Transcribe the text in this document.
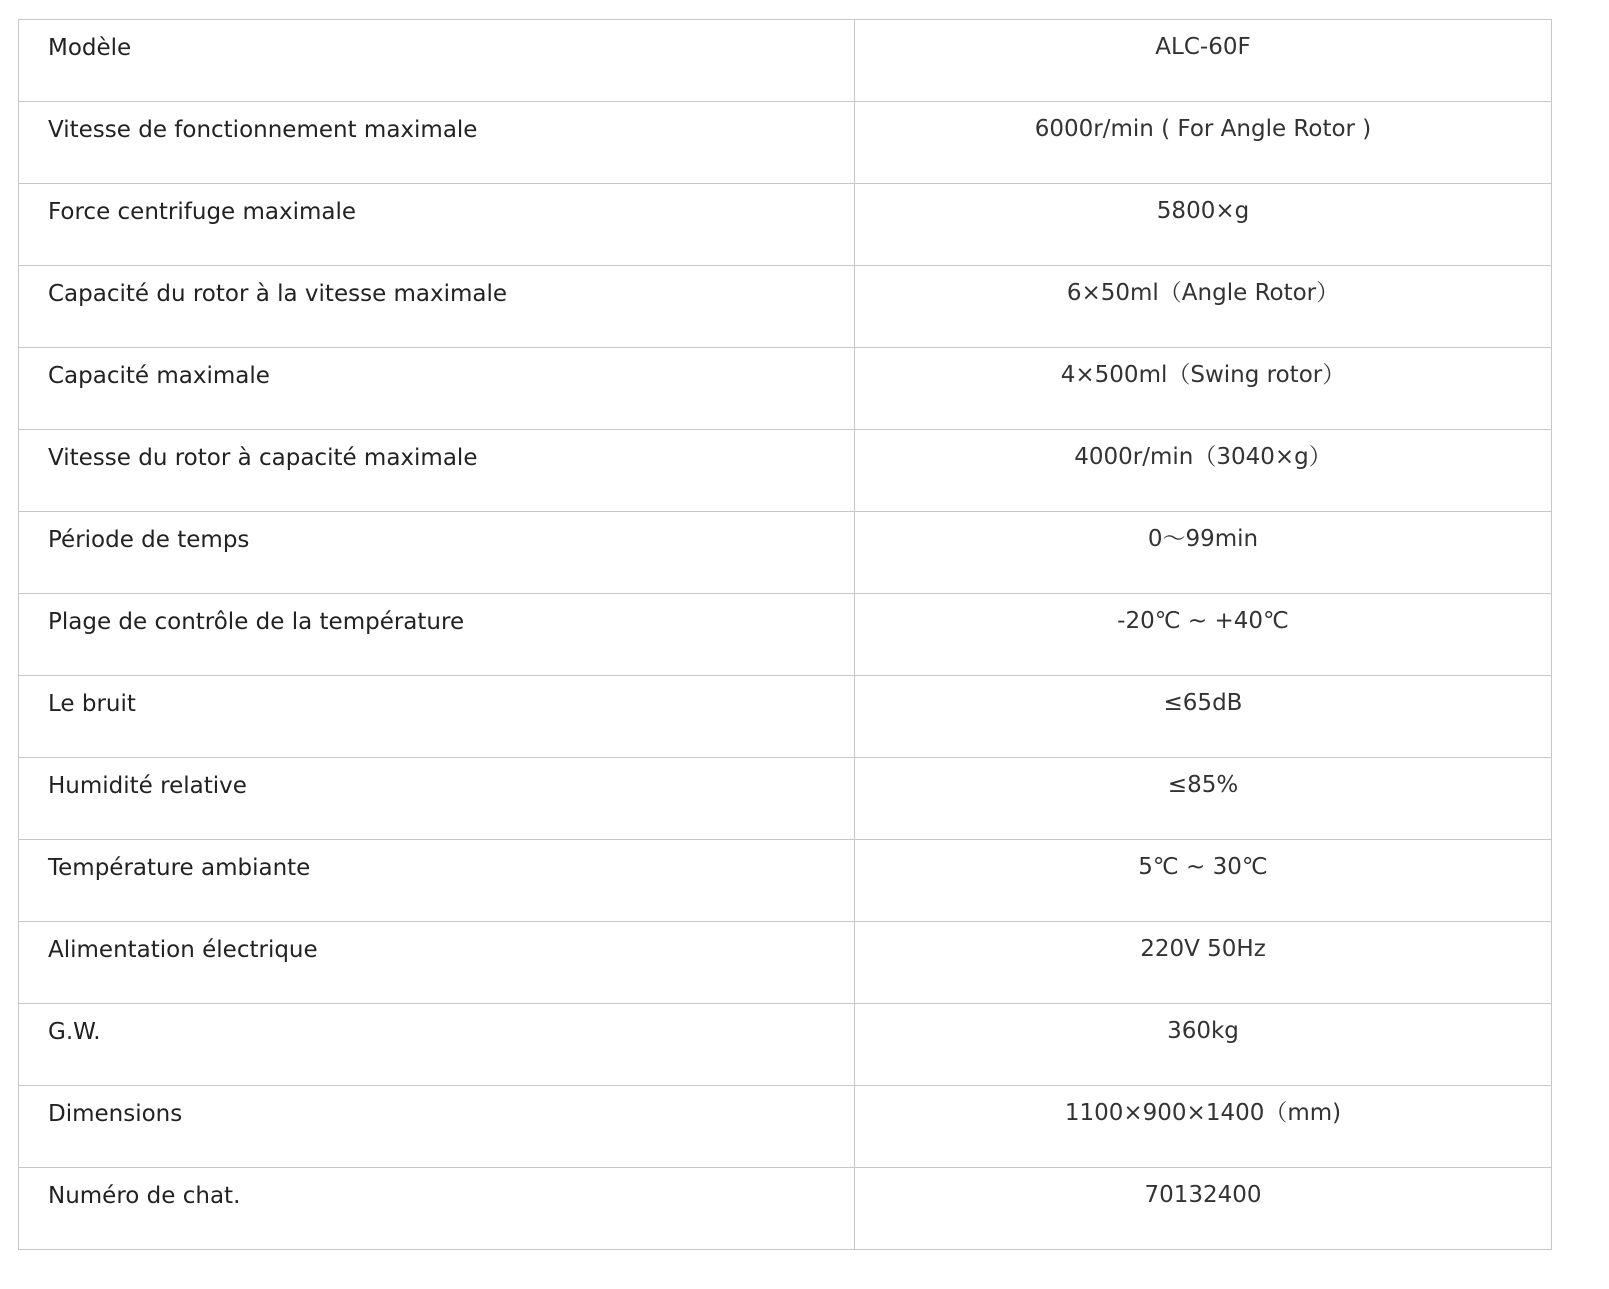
Modèle	ALC-60F
Vitesse de fonctionnement maximale	6000r/min ( For Angle Rotor )
Force centrifuge maximale	5800×g
Capacité du rotor à la vitesse maximale	6×50ml（Angle Rotor）
Capacité maximale	4×500ml（Swing rotor）
Vitesse du rotor à capacité maximale	4000r/min（3040×g）
Période de temps	0～99min
Plage de contrôle de la température	-20℃ ~ +40℃
Le bruit	≤65dB
Humidité relative	≤85%
Température ambiante	5℃ ~ 30℃
Alimentation électrique	220V 50Hz
G.W.	360kg
Dimensions	1100×900×1400（mm)
Numéro de chat.	70132400
